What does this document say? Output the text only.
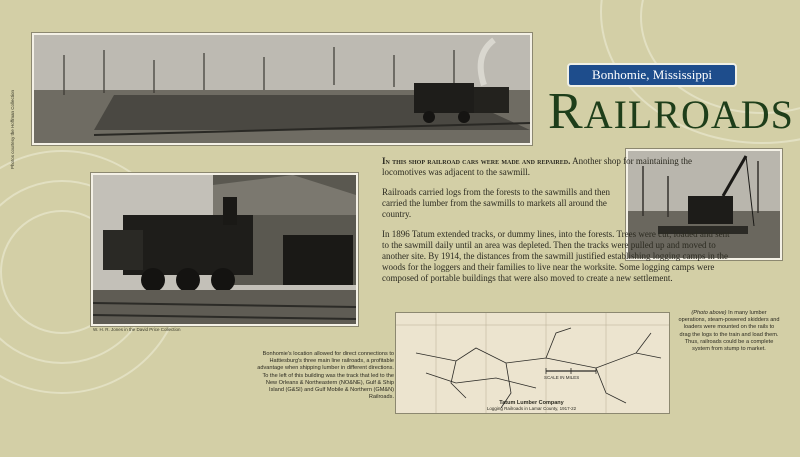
Photos courtesy the Hoffman Collection
W. H. R. Jones in the David Price Collection
Bonhomie, Mississippi
RAILROADS

In this shop railroad cars were made and repaired. Another shop for maintaining the locomotives was adjacent to the sawmill.

Railroads carried logs from the forests to the sawmills and then carried the lumber from the sawmills to markets all around the country.

In 1896 Tatum extended tracks, or dummy lines, into the forests. Trees were cut, loaded and sent to the sawmill daily until an area was depleted. Then the tracks were pulled up and moved to another site. By 1914, the distances from the sawmill justified establishing logging camps in the woods for the loggers and their families to live near the worksite. Some logging camps were composed of portable buildings that were also moved to create a new settlement.

Bonhomie's location allowed for direct connections to Hattiesburg's three main line railroads, a profitable advantage when shipping lumber in different directions. To the left of this building was the track that led to the New Orleans & Northeastern (NO&NE), Gulf & Ship Island (G&SI) and Gulf Mobile & Northern (GM&N) Railroads.
SCALE IN MILES
Tatum Lumber Company
Logging Railroads in Lamar County, 1917-22
(Photo above) In many lumber operations, steam-powered skidders and loaders were mounted on the rails to drag the logs to the train and load them. Thus, railroads could be a complete system from stump to market.
